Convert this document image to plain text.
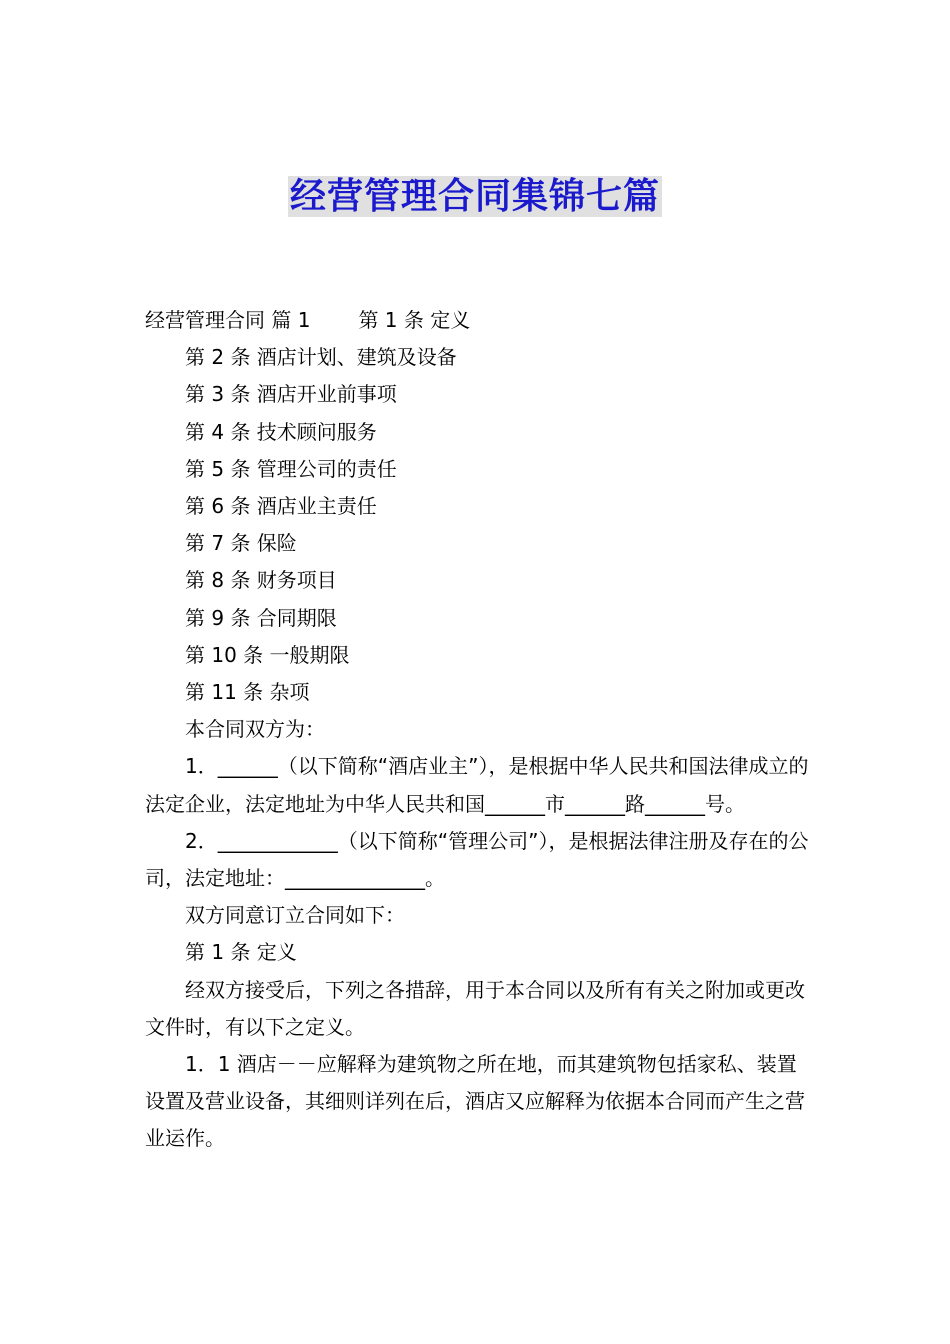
经营管理合同集锦七篇

经营管理合同 篇 1 第 1 条 定义

第 2 条 酒店计划、建筑及设备

第 3 条 酒店开业前事项

第 4 条 技术顾问服务

第 5 条 管理公司的责任

第 6 条 酒店业主责任

第 7 条 保险

第 8 条 财务项目

第 9 条 合同期限

第 10 条 一般期限

第 11 条 杂项

本合同双方为：

1．______（以下简称“酒店业主”），是根据中华人民共和国法律成立的法定企业，法定地址为中华人民共和国______市______路______号。

2．____________（以下简称“管理公司”），是根据法律注册及存在的公司，法定地址：______________。

双方同意订立合同如下：

第 1 条 定义

经双方接受后，下列之各措辞，用于本合同以及所有有关之附加或更改文件时，有以下之定义。

1．1 酒店－－应解释为建筑物之所在地，而其建筑物包括家私、装置设置及营业设备，其细则详列在后，酒店又应解释为依据本合同而产生之营业运作。
